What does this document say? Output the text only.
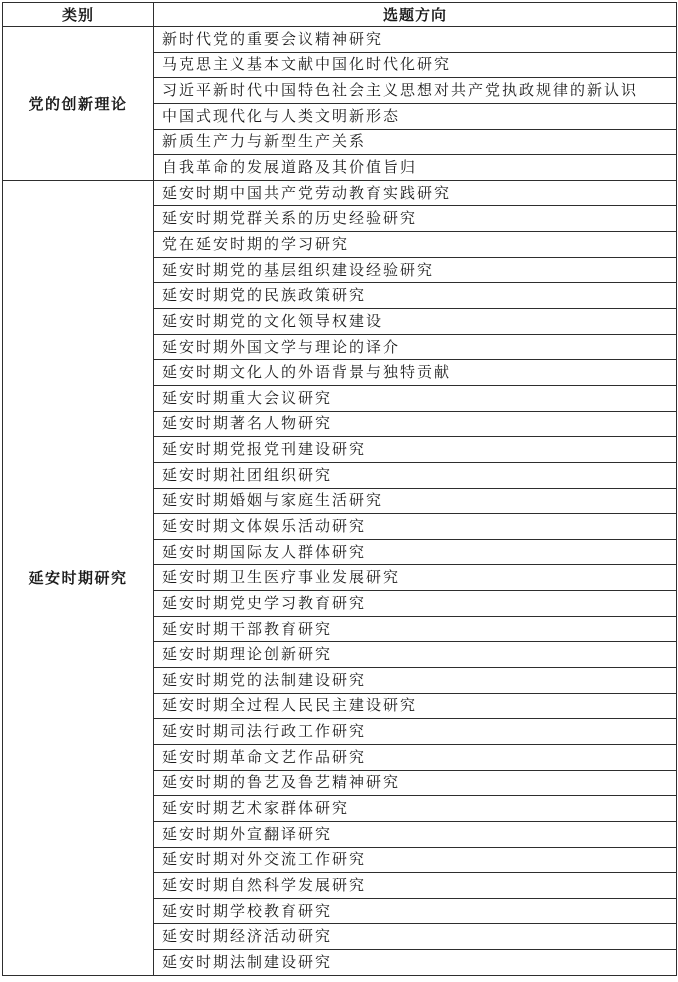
类别	选题方向
党的创新理论
延安时期研究
新时代党的重要会议精神研究
马克思主义基本文献中国化时代化研究
习近平新时代中国特色社会主义思想对共产党执政规律的新认识
中国式现代化与人类文明新形态
新质生产力与新型生产关系
自我革命的发展道路及其价值旨归
延安时期中国共产党劳动教育实践研究
延安时期党群关系的历史经验研究
党在延安时期的学习研究
延安时期党的基层组织建设经验研究
延安时期党的民族政策研究
延安时期党的文化领导权建设
延安时期外国文学与理论的译介
延安时期文化人的外语背景与独特贡献
延安时期重大会议研究
延安时期著名人物研究
延安时期党报党刊建设研究
延安时期社团组织研究
延安时期婚姻与家庭生活研究
延安时期文体娱乐活动研究
延安时期国际友人群体研究
延安时期卫生医疗事业发展研究
延安时期党史学习教育研究
延安时期干部教育研究
延安时期理论创新研究
延安时期党的法制建设研究
延安时期全过程人民民主建设研究
延安时期司法行政工作研究
延安时期革命文艺作品研究
延安时期的鲁艺及鲁艺精神研究
延安时期艺术家群体研究
延安时期外宣翻译研究
延安时期对外交流工作研究
延安时期自然科学发展研究
延安时期学校教育研究
延安时期经济活动研究
延安时期法制建设研究
